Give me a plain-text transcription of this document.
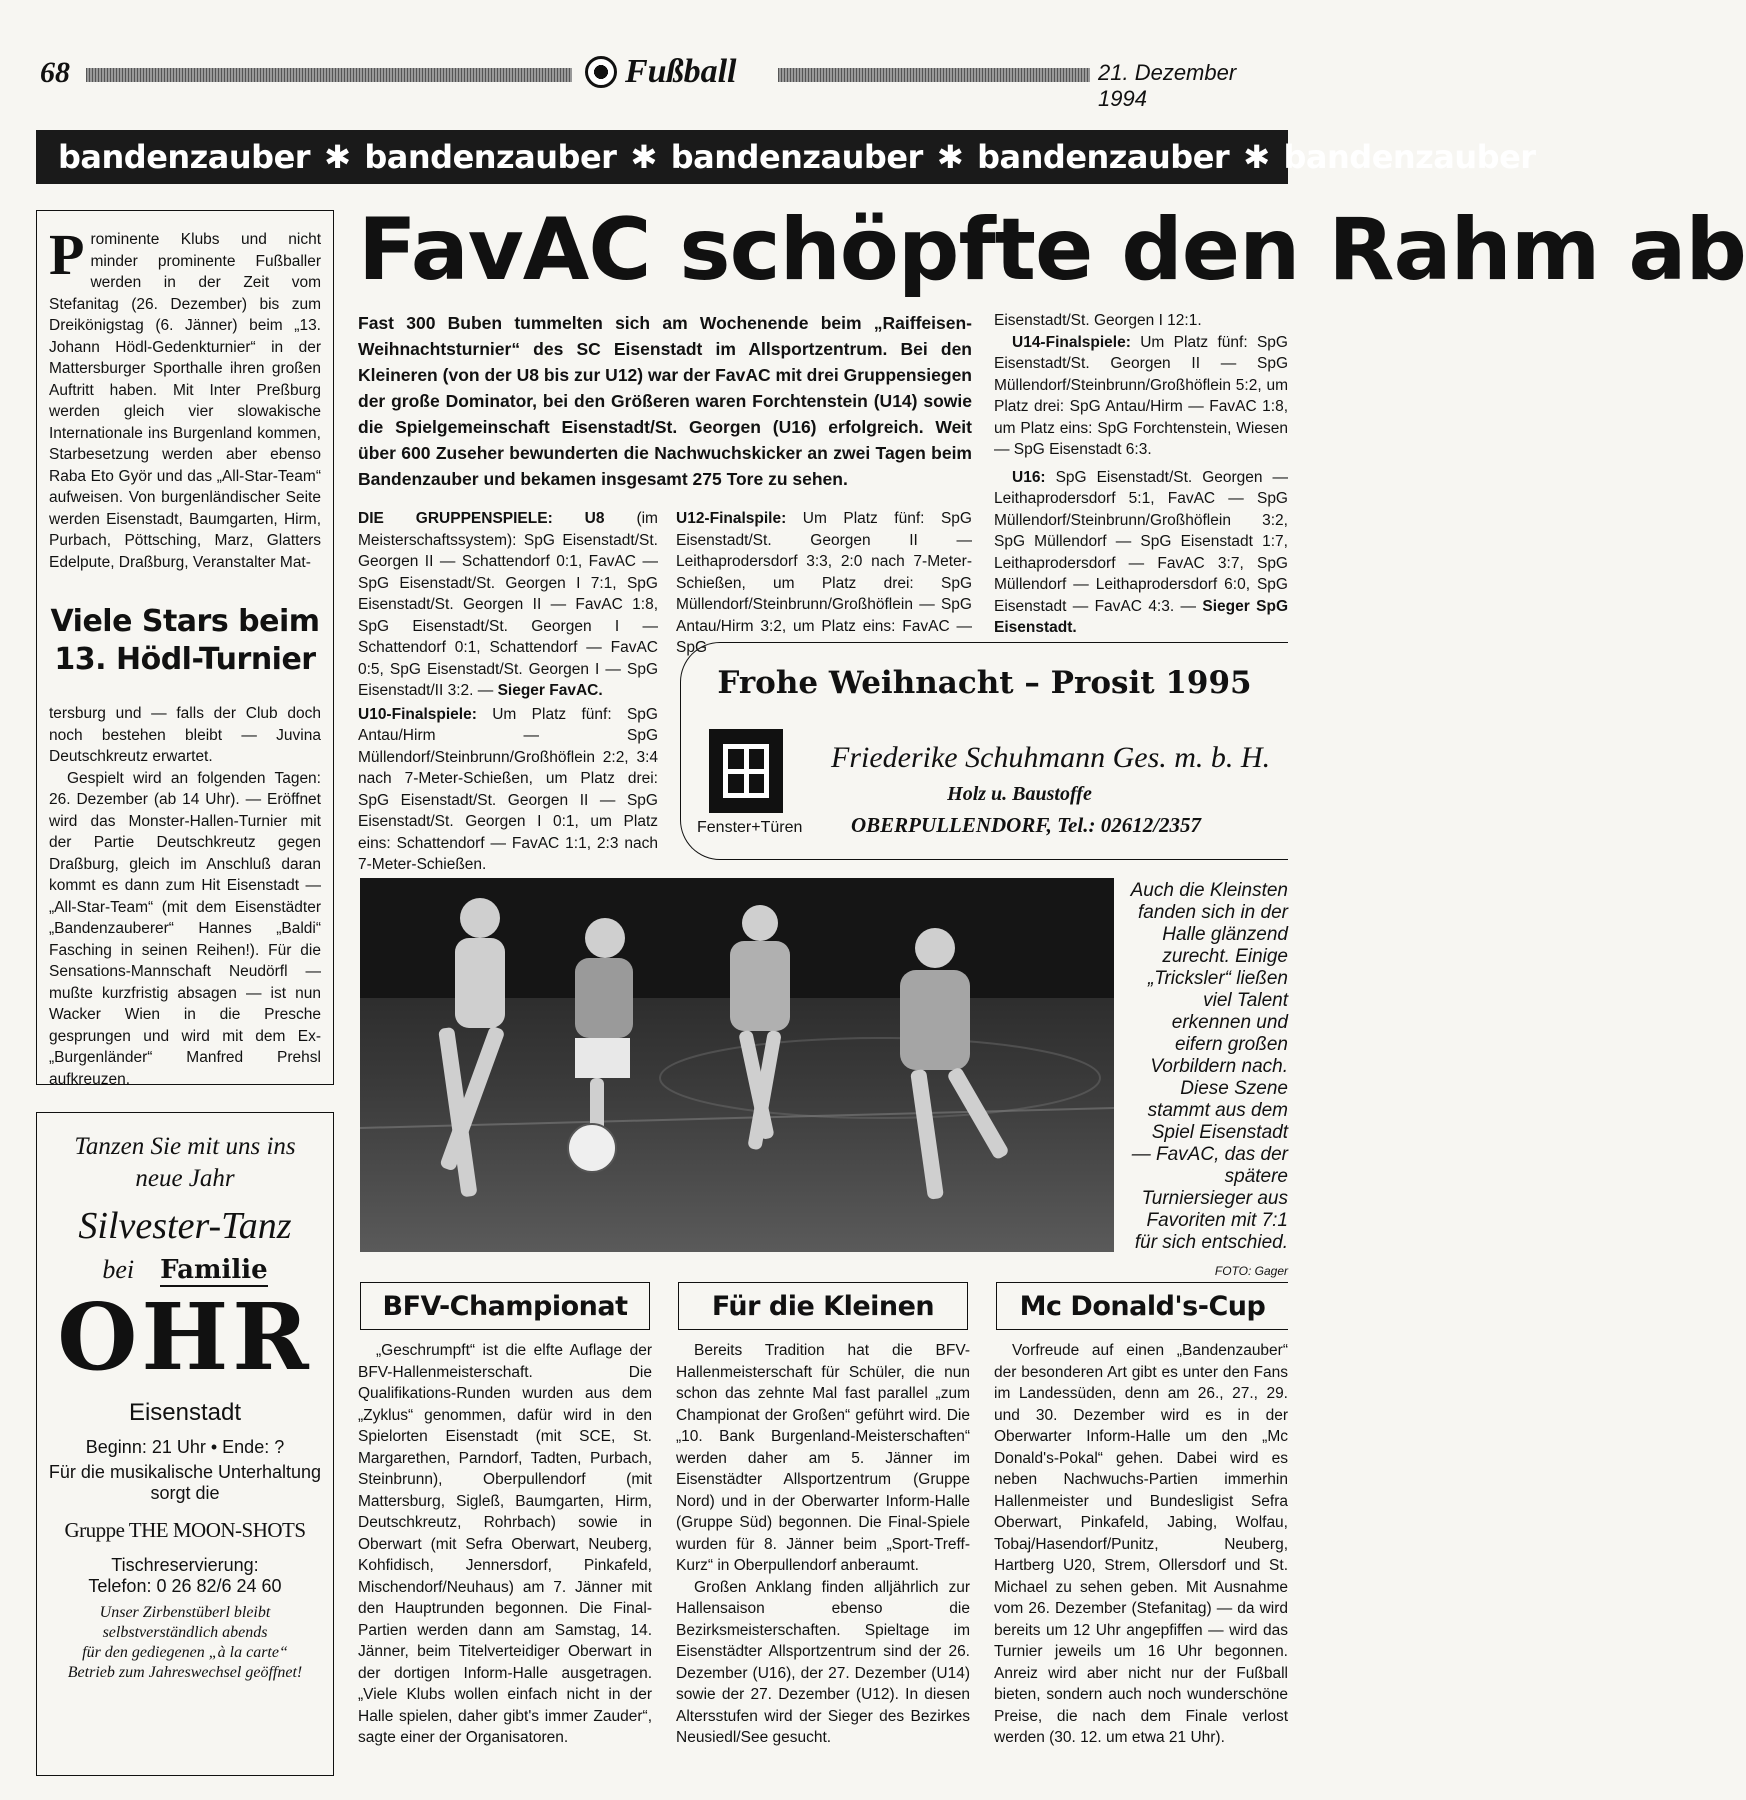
68	Fußball	21. Dezember 1994
bandenzauber ✱ bandenzauber ✱ bandenzauber ✱ bandenzauber ✱ bandenzauber

Prominente Klubs und nicht minder prominente Fußballer werden in der Zeit vom Stefanitag (26. Dezember) bis zum Dreikönigstag (6. Jänner) beim „13. Johann Hödl-Gedenkturnier“ in der Mattersburger Sporthalle ihren großen Auftritt haben. Mit Inter Preßburg werden gleich vier slowakische Internationale ins Burgenland kommen, Starbesetzung werden aber ebenso Raba Eto Györ und das „All-Star-Team“ aufweisen. Von burgenländischer Seite werden Eisenstadt, Baumgarten, Hirm, Purbach, Pöttsching, Marz, Glatters Edelpute, Draßburg, Veranstalter Mat-

Viele Stars beim 13. Hödl-Turnier

tersburg und — falls der Club doch noch bestehen bleibt — Juvina Deutschkreutz erwartet.

Gespielt wird an folgenden Tagen: 26. Dezember (ab 14 Uhr). — Eröffnet wird das Monster-Hallen-Turnier mit der Partie Deutschkreutz gegen Draßburg, gleich im Anschluß daran kommt es dann zum Hit Eisenstadt — „All-Star-Team“ (mit dem Eisenstädter „Bandenzauberer“ Hannes „Baldi“ Fasching in seinen Reihen!). Für die Sensations-Mannschaft Neudörfl — mußte kurzfristig absagen — ist nun Wacker Wien in die Presche gesprungen und wird mit dem Ex-„Burgenländer“ Manfred Prehsl aufkreuzen.

Tanzen Sie mit uns ins
neue Jahr
Silvester-Tanz
bei Familie
OHR
Eisenstadt
Beginn: 21 Uhr • Ende: ?
Für die musikalische Unterhaltung
sorgt die
Gruppe THE MOON-SHOTS
Tischreservierung:
Telefon: 0 26 82/6 24 60
Unser Zirbenstüberl bleibt
selbstverständlich abends
für den gediegenen „à la carte“
Betrieb zum Jahreswechsel geöffnet!
FavAC schöpfte den Rahm ab
Fast 300 Buben tummelten sich am Wochenende beim „Raiffeisen-Weihnachtsturnier“ des SC Eisenstadt im Allsportzentrum. Bei den Kleineren (von der U8 bis zur U12) war der FavAC mit drei Gruppensiegen der große Dominator, bei den Größeren waren Forchtenstein (U14) sowie die Spielgemeinschaft Eisenstadt/St. Georgen (U16) erfolgreich. Weit über 600 Zuseher bewunderten die Nachwuchskicker an zwei Tagen beim Bandenzauber und bekamen insgesamt 275 Tore zu sehen.
DIE GRUPPENSPIELE: U8 (im Meisterschaftssystem): SpG Eisenstadt/St. Georgen II — Schattendorf 0:1, FavAC — SpG Eisenstadt/St. Georgen I 7:1, SpG Eisenstadt/St. Georgen II — FavAC 1:8, SpG Eisenstadt/St. Georgen I — Schattendorf 0:1, Schattendorf — FavAC 0:5, SpG Eisenstadt/St. Georgen I — SpG Eisenstadt/II 3:2. — Sieger FavAC.
U10-Finalspiele: Um Platz fünf: SpG Antau/Hirm — SpG Müllendorf/Steinbrunn/Großhöflein 2:2, 3:4 nach 7-Meter-Schießen, um Platz drei: SpG Eisenstadt/St. Georgen II — SpG Eisenstadt/St. Georgen I 0:1, um Platz eins: Schattendorf — FavAC 1:1, 2:3 nach 7-Meter-Schießen.
U12-Finalspile: Um Platz fünf: SpG Eisenstadt/St. Georgen II — Leithaprodersdorf 3:3, 2:0 nach 7-Meter-Schießen, um Platz drei: SpG Müllendorf/Steinbrunn/Großhöflein — SpG Antau/Hirm 3:2, um Platz eins: FavAC — SpG
Eisenstadt/St. Georgen I 12:1.
U14-Finalspiele: Um Platz fünf: SpG Eisenstadt/St. Georgen II — SpG Müllendorf/Steinbrunn/Großhöflein 5:2, um Platz drei: SpG Antau/Hirm — FavAC 1:8, um Platz eins: SpG Forchtenstein, Wiesen — SpG Eisenstadt 6:3.
U16: SpG Eisenstadt/St. Georgen — Leithaprodersdorf 5:1, FavAC — SpG Müllendorf/Steinbrunn/Großhöflein 3:2, SpG Müllendorf — SpG Eisenstadt 1:7, Leithaprodersdorf — FavAC 3:7, SpG Müllendorf — Leithaprodersdorf 6:0, SpG Eisenstadt — FavAC 4:3. — Sieger SpG Eisenstadt.
Frohe Weihnacht – Prosit 1995
Fenster+Türen
Friederike Schuhmann Ges. m. b. H.
Holz u. Baustoffe
OBERPULLENDORF, Tel.: 02612/2357
Auch die Kleinsten fanden sich in der Halle glänzend zurecht. Einige „Tricksler“ ließen viel Talent erkennen und eifern großen Vorbildern nach. Diese Szene stammt aus dem Spiel Eisenstadt — FavAC, das der spätere Turniersieger aus Favoriten mit 7:1 für sich entschied.
FOTO: Gager
BFV-Championat
„Geschrumpft“ ist die elfte Auflage der BFV-Hallenmeisterschaft. Die Qualifikations-Runden wurden aus dem „Zyklus“ genommen, dafür wird in den Spielorten Eisenstadt (mit SCE, St. Margarethen, Parndorf, Tadten, Purbach, Steinbrunn), Oberpullendorf (mit Mattersburg, Sigleß, Baumgarten, Hirm, Deutschkreutz, Rohrbach) sowie in Oberwart (mit Sefra Oberwart, Neuberg, Kohfidisch, Jennersdorf, Pinkafeld, Mischendorf/Neuhaus) am 7. Jänner mit den Hauptrunden begonnen. Die Final-Partien werden dann am Samstag, 14. Jänner, beim Titelverteidiger Oberwart in der dortigen Inform-Halle ausgetragen. „Viele Klubs wollen einfach nicht in der Halle spielen, daher gibt's immer Zauder“, sagte einer der Organisatoren.
Für die Kleinen

Bereits Tradition hat die BFV-Hallenmeisterschaft für Schüler, die nun schon das zehnte Mal fast parallel „zum Championat der Großen“ geführt wird. Die „10. Bank Burgenland-Meisterschaften“ werden daher am 5. Jänner im Eisenstädter Allsportzentrum (Gruppe Nord) und in der Oberwarter Inform-Halle (Gruppe Süd) begonnen. Die Final-Spiele wurden für 8. Jänner beim „Sport-Treff-Kurz“ in Oberpullendorf anberaumt.

Großen Anklang finden alljährlich zur Hallensaison ebenso die Bezirksmeisterschaften. Spieltage im Eisenstädter Allsportzentrum sind der 26. Dezember (U16), der 27. Dezember (U14) sowie der 27. Dezember (U12). In diesen Altersstufen wird der Sieger des Bezirkes Neusiedl/See gesucht.

Mc Donald's-Cup
Vorfreude auf einen „Bandenzauber“ der besonderen Art gibt es unter den Fans im Landessüden, denn am 26., 27., 29. und 30. Dezember wird es in der Oberwarter Inform-Halle um den „Mc Donald's-Pokal“ gehen. Dabei wird es neben Nachwuchs-Partien immerhin Hallenmeister und Bundesligist Sefra Oberwart, Pinkafeld, Jabing, Wolfau, Tobaj/Hasendorf/Punitz, Neuberg, Hartberg U20, Strem, Ollersdorf und St. Michael zu sehen geben. Mit Ausnahme vom 26. Dezember (Stefanitag) — da wird bereits um 12 Uhr angepfiffen — wird das Turnier jeweils um 16 Uhr begonnen. Anreiz wird aber nicht nur der Fußball bieten, sondern auch noch wunderschöne Preise, die nach dem Finale verlost werden (30. 12. um etwa 21 Uhr).
